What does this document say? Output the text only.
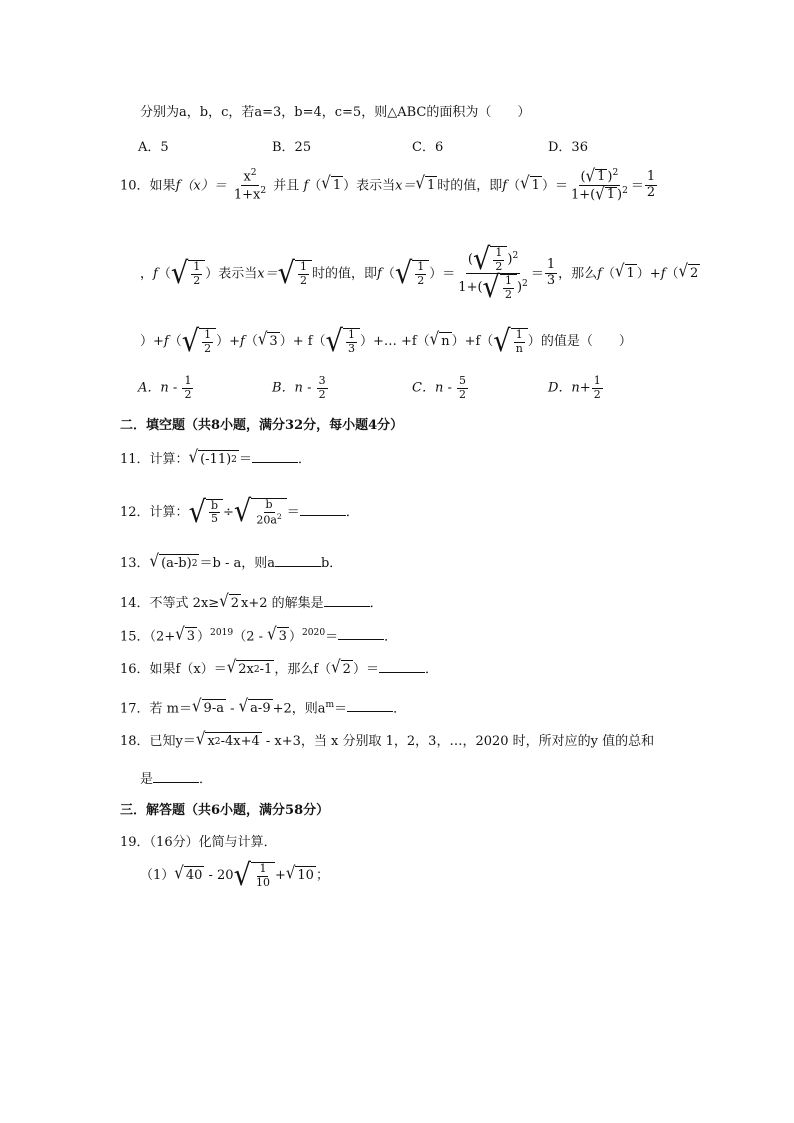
分别为a，b，c，若a=3，b=4，c=5，则△ABC的面积为（　　）
A．5	B．25	C．6	D．36
10．如果$f(x)= \frac{x^2}{1+x^2}$ 并且 f（ √ 1 ）表示当x＝ √ 1 时的值，即f（ √ 1 ）＝ $\frac{( √ 1 )^2}{1+( √ 1 )^2} = \frac{1}{2}$
，f（ √ 1
2 ）表示当x＝ √ 1
2 时的值，即f（ √ 1
2 ）＝ ( √ 1
2 )$^2$
1+( √ 1
2 )$^2 = \frac{1}{3}$ ，那么f（ √ 1 ）+f（ √ 2
）+f（ √ 1
2 ）+f（ √ 3 ）+ f（ √ 1
3 ）+… +f（ √ n ）+f（ √ 1
n ）的值是（　　）
A．n - $\frac{1}{2}$	B．n - $\frac{3}{2}$	C．n - $\frac{5}{2}$	D．$n+ \frac{1}{2}$
二．填空题（共8小题，满分32分，每小题4分）
11．计算： √ (-11) 2 ＝	．
12．计算： √ b
5 ÷ √ b
$20a^2$ ＝	．
13． √ (a-b) 2 ＝b - a，则a	b．
14．不等式 2x≥ √ 2 x+2 的解集是	．
15．（2+ √ 3 ）$^{2019}$（2 - √ 3 ）$^{2020}$＝	．
16．如果f（x）＝ √ 2x 2 -1 ，那么f（ √ 2 ）＝	．
17．若 m＝ √ 9-a - √ a-9 +2，则$a^m=$	．
18．已知y＝ √ x 2 -4x+4 - x+3，当 x 分别取 1，2，3，…，2020 时，所对应的y 值的总和
是	．
三．解答题（共6小题，满分58分）
19．（16分）化简与计算．
（1） √ 40 - 20 √ 1
10 + √ 10 ；
